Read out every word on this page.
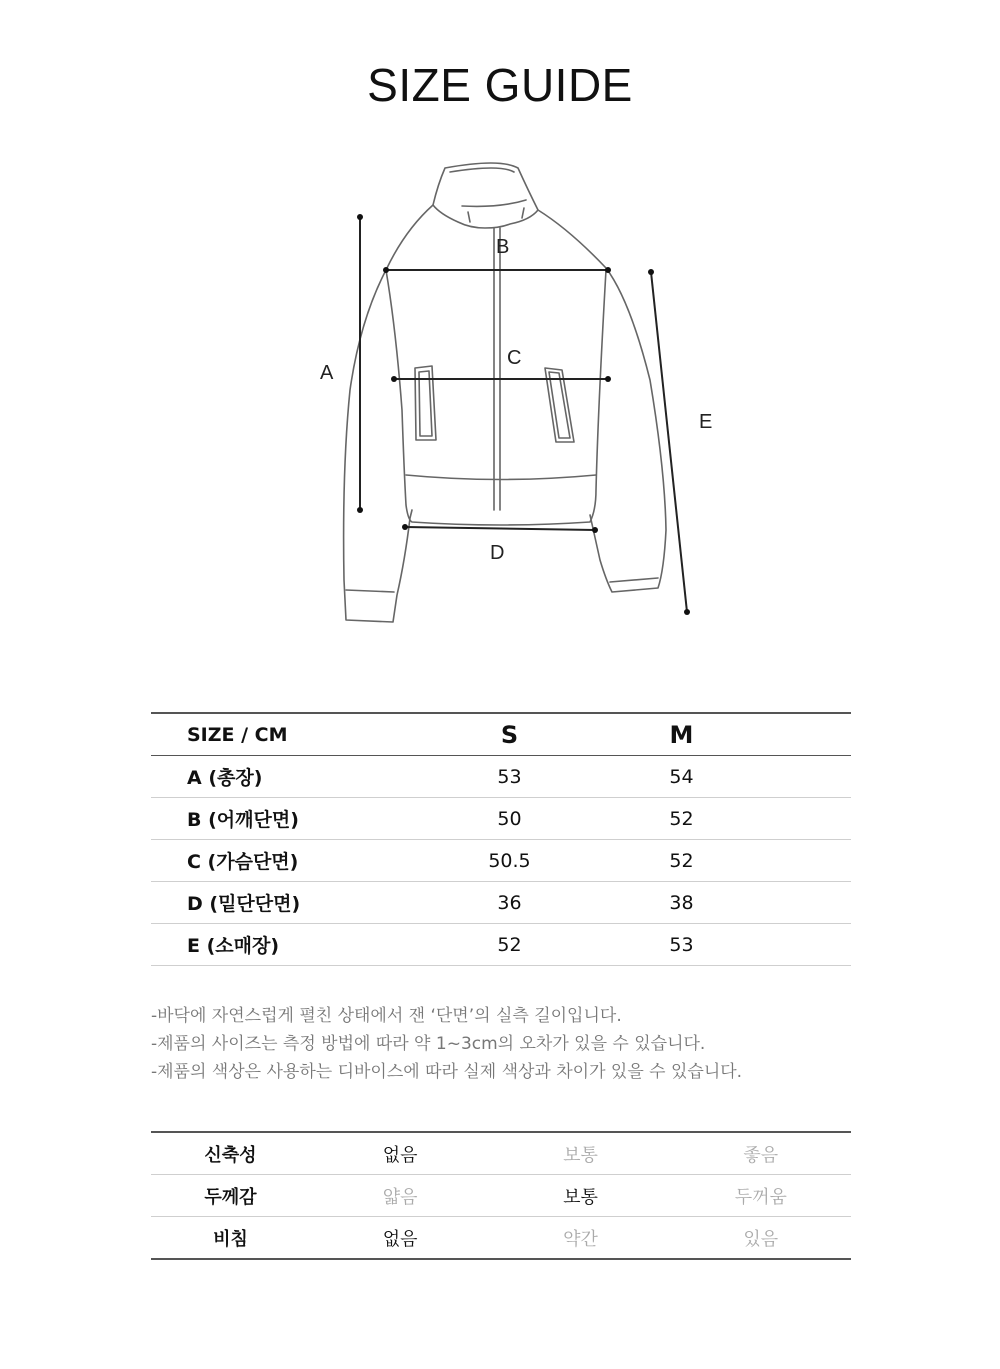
SIZE GUIDE
A
B
C
D
E
SIZE / CM	S	M
A (총장)	53	54
B (어깨단면)	50	52
C (가슴단면)	50.5	52
D (밑단단면)	36	38
E (소매장)	52	53
-바닥에 자연스럽게 펼친 상태에서 잰 ‘단면’의 실측 길이입니다.
-제품의 사이즈는 측정 방법에 따라 약 1~3cm의 오차가 있을 수 있습니다.
-제품의 색상은 사용하는 디바이스에 따라 실제 색상과 차이가 있을 수 있습니다.
신축성	없음	보통	좋음
두께감	얇음	보통	두꺼움
비침	없음	약간	있음
